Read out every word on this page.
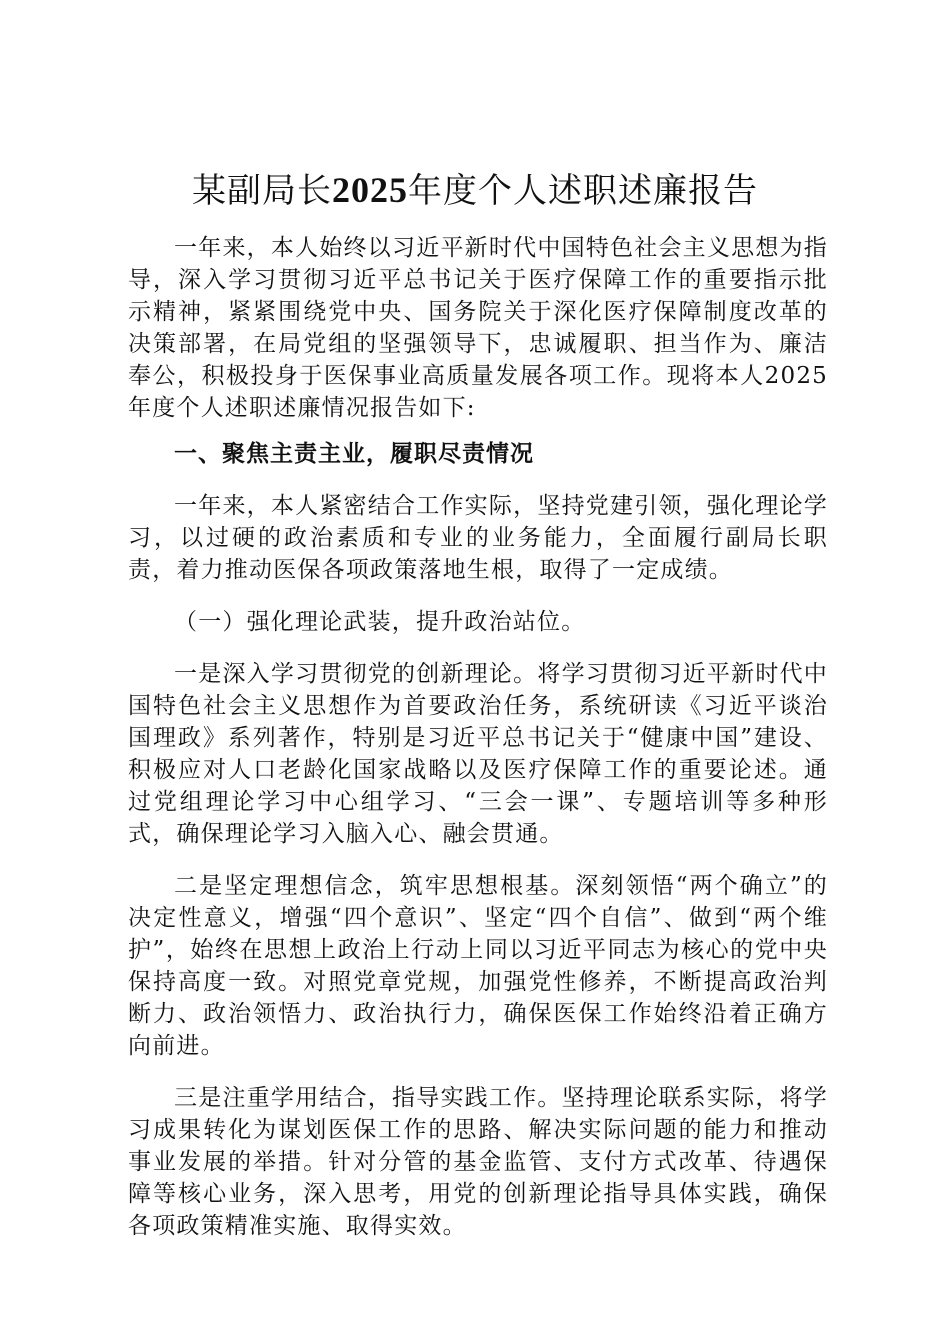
某副局长2025年度个人述职述廉报告

一年来，本人始终以习近平新时代中国特色社会主义思想为指导，深入学习贯彻习近平总书记关于医疗保障工作的重要指示批示精神，紧紧围绕党中央、国务院关于深化医疗保障制度改革的决策部署，在局党组的坚强领导下，忠诚履职、担当作为、廉洁奉公，积极投身于医保事业高质量发展各项工作。现将本人2025年度个人述职述廉情况报告如下:

一、聚焦主责主业，履职尽责情况

一年来，本人紧密结合工作实际，坚持党建引领，强化理论学习，以过硬的政治素质和专业的业务能力，全面履行副局长职责，着力推动医保各项政策落地生根，取得了一定成绩。

（一）强化理论武装，提升政治站位。

一是深入学习贯彻党的创新理论。将学习贯彻习近平新时代中国特色社会主义思想作为首要政治任务，系统研读《习近平谈治国理政》系列著作，特别是习近平总书记关于“健康中国”建设、积极应对人口老龄化国家战略以及医疗保障工作的重要论述。通过党组理论学习中心组学习、“三会一课”、专题培训等多种形式，确保理论学习入脑入心、融会贯通。

二是坚定理想信念，筑牢思想根基。深刻领悟“两个确立”的决定性意义，增强“四个意识”、坚定“四个自信”、做到“两个维护”，始终在思想上政治上行动上同以习近平同志为核心的党中央保持高度一致。对照党章党规，加强党性修养，不断提高政治判断力、政治领悟力、政治执行力，确保医保工作始终沿着正确方向前进。

三是注重学用结合，指导实践工作。坚持理论联系实际，将学习成果转化为谋划医保工作的思路、解决实际问题的能力和推动事业发展的举措。针对分管的基金监管、支付方式改革、待遇保障等核心业务，深入思考，用党的创新理论指导具体实践，确保各项政策精准实施、取得实效。
